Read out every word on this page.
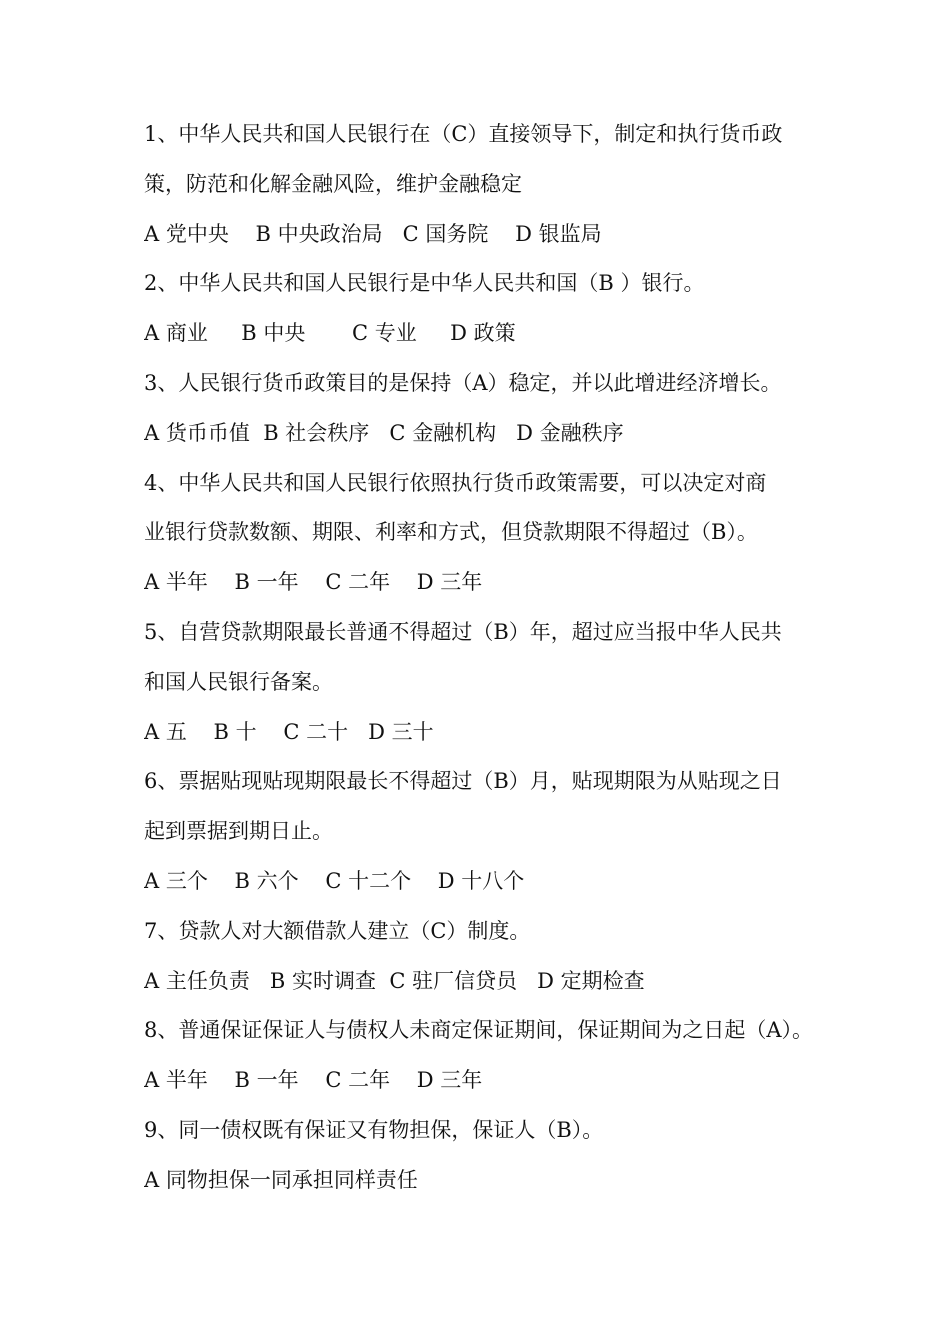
1、中华人民共和国人民银行在（C）直接领导下，制定和执行货币政
策，防范和化解金融风险，维护金融稳定
A 党中央    B 中央政治局   C 国务院    D 银监局
2、中华人民共和国人民银行是中华人民共和国（B ）银行。
A 商业     B 中央       C 专业     D 政策
3、人民银行货币政策目的是保持（A）稳定，并以此增进经济增长。
A 货币币值  B 社会秩序   C 金融机构   D 金融秩序
4、中华人民共和国人民银行依照执行货币政策需要，可以决定对商
业银行贷款数额、期限、利率和方式，但贷款期限不得超过（B）。
A 半年    B 一年    C 二年    D 三年
5、自营贷款期限最长普通不得超过（B）年，超过应当报中华人民共
和国人民银行备案。
A 五    B 十    C 二十   D 三十
6、票据贴现贴现期限最长不得超过（B）月，贴现期限为从贴现之日
起到票据到期日止。
A 三个    B 六个    C 十二个    D 十八个
7、贷款人对大额借款人建立（C）制度。
A 主任负责   B 实时调查  C 驻厂信贷员   D 定期检查
8、普通保证保证人与债权人未商定保证期间，保证期间为之日起（A）。
A 半年    B 一年    C 二年    D 三年
9、同一债权既有保证又有物担保，保证人（B）。
A 同物担保一同承担同样责任
